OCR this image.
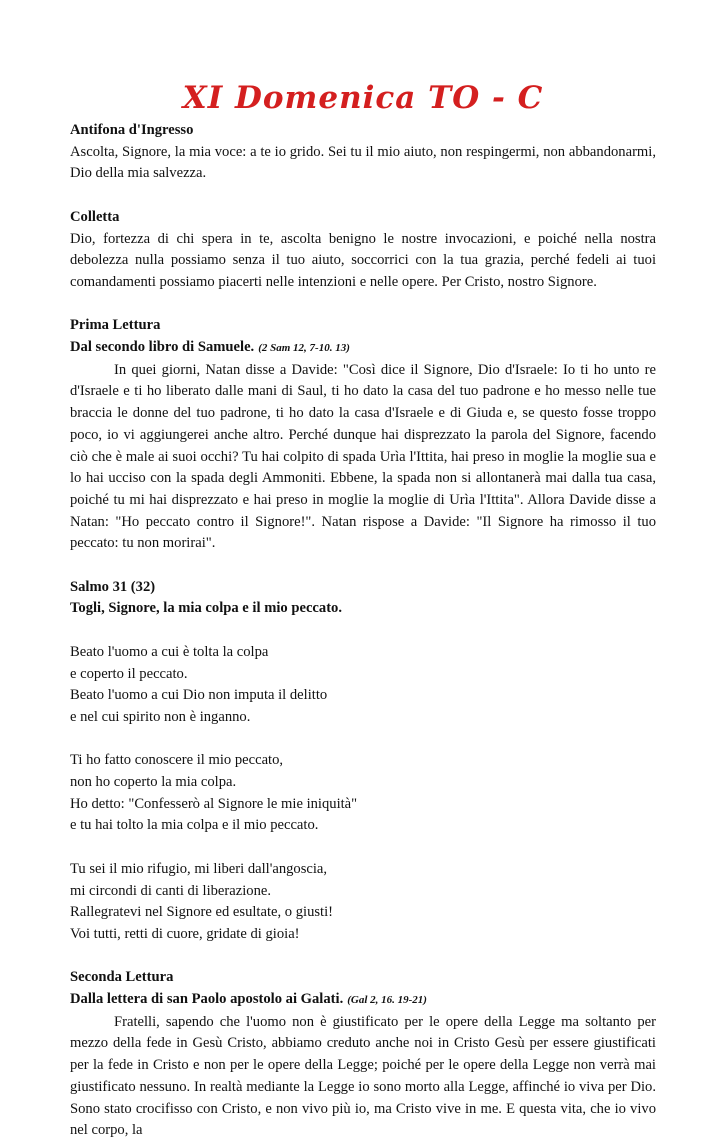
XI Domenica TO - C

Antifona d'Ingresso

Ascolta, Signore, la mia voce: a te io grido. Sei tu il mio aiuto, non respingermi, non abbandonarmi, Dio della mia salvezza.

Colletta

Dio, fortezza di chi spera in te, ascolta benigno le nostre invocazioni, e poiché nella nostra debolezza nulla possiamo senza il tuo aiuto, soccorrici con la tua grazia, perché fedeli ai tuoi comandamenti possiamo piacerti nelle intenzioni e nelle opere. Per Cristo, nostro Signore.

Prima Lettura

Dal secondo libro di Samuele. (2 Sam 12, 7-10. 13)

In quei giorni, Natan disse a Davide: "Così dice il Signore, Dio d'Israele: Io ti ho unto re d'Israele e ti ho liberato dalle mani di Saul, ti ho dato la casa del tuo padrone e ho messo nelle tue braccia le donne del tuo padrone, ti ho dato la casa d'Israele e di Giuda e, se questo fosse troppo poco, io vi aggiungerei anche altro. Perché dunque hai disprezzato la parola del Signore, facendo ciò che è male ai suoi occhi? Tu hai colpito di spada Urìa l'Ittita, hai preso in moglie la moglie sua e lo hai ucciso con la spada degli Ammoniti. Ebbene, la spada non si allontanerà mai dalla tua casa, poiché tu mi hai disprezzato e hai preso in moglie la moglie di Urìa l'Ittita". Allora Davide disse a Natan: "Ho peccato contro il Signore!". Natan rispose a Davide: "Il Signore ha rimosso il tuo peccato: tu non morirai".

Salmo 31 (32)

Togli, Signore, la mia colpa e il mio peccato.

Beato l'uomo a cui è tolta la colpa

e coperto il peccato.

Beato l'uomo a cui Dio non imputa il delitto

e nel cui spirito non è inganno.

Ti ho fatto conoscere il mio peccato,

non ho coperto la mia colpa.

Ho detto: "Confesserò al Signore le mie iniquità"

e tu hai tolto la mia colpa e il mio peccato.

Tu sei il mio rifugio, mi liberi dall'angoscia,

mi circondi di canti di liberazione.

Rallegratevi nel Signore ed esultate, o giusti!

Voi tutti, retti di cuore, gridate di gioia!

Seconda Lettura

Dalla lettera di san Paolo apostolo ai Galati. (Gal 2, 16. 19-21)

Fratelli, sapendo che l'uomo non è giustificato per le opere della Legge ma soltanto per mezzo della fede in Gesù Cristo, abbiamo creduto anche noi in Cristo Gesù per essere giustificati per la fede in Cristo e non per le opere della Legge; poiché per le opere della Legge non verrà mai giustificato nessuno. In realtà mediante la Legge io sono morto alla Legge, affinché io viva per Dio. Sono stato crocifisso con Cristo, e non vivo più io, ma Cristo vive in me. E questa vita, che io vivo nel corpo, la
